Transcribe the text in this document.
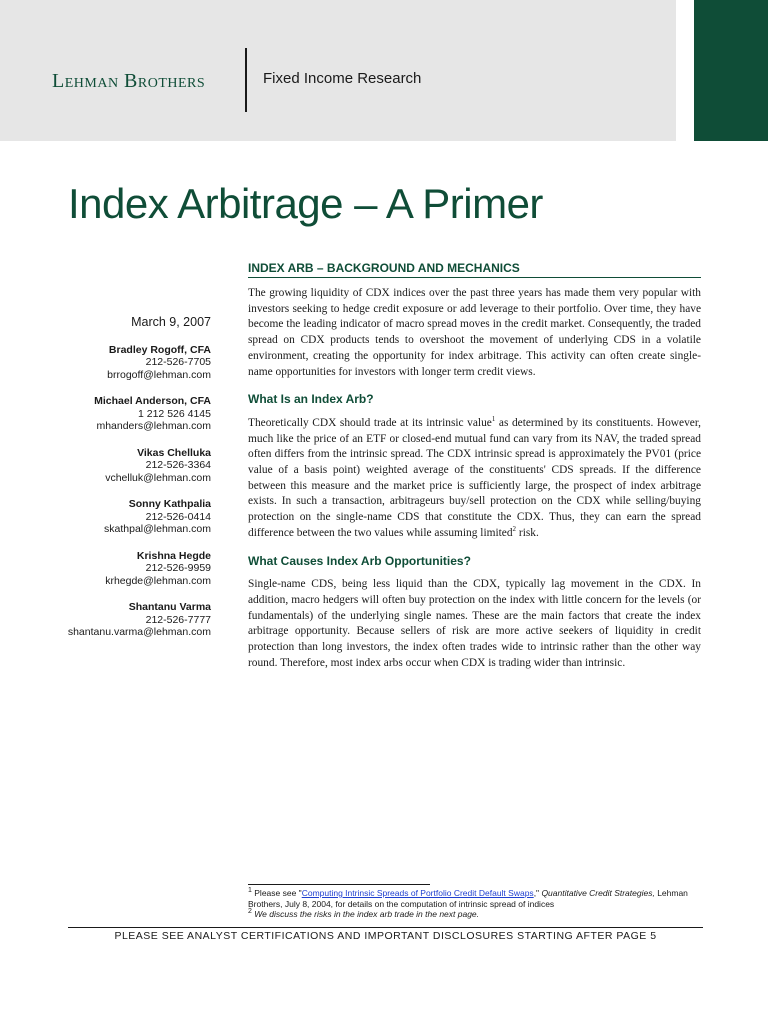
Lehman Brothers	Fixed Income Research
Index Arbitrage – A Primer
INDEX ARB – BACKGROUND AND MECHANICS
March 9, 2007
Bradley Rogoff, CFA
212-526-7705
brrogoff@lehman.com
Michael Anderson, CFA
1 212 526 4145
mhanders@lehman.com
Vikas Chelluka
212-526-3364
vchelluk@lehman.com
Sonny Kathpalia
212-526-0414
skathpal@lehman.com
Krishna Hegde
212-526-9959
krhegde@lehman.com
Shantanu Varma
212-526-7777
shantanu.varma@lehman.com

The growing liquidity of CDX indices over the past three years has made them very popular with investors seeking to hedge credit exposure or add leverage to their portfolio. Over time, they have become the leading indicator of macro spread moves in the credit market. Consequently, the traded spread on CDX products tends to overshoot the movement of underlying CDS in a volatile environment, creating the opportunity for index arbitrage. This activity can often create single-name opportunities for investors with longer term credit views.

What Is an Index Arb?

Theoretically CDX should trade at its intrinsic value$^1$ as determined by its constituents. However, much like the price of an ETF or closed-end mutual fund can vary from its NAV, the traded spread often differs from the intrinsic spread. The CDX intrinsic spread is approximately the PV01 (price value of a basis point) weighted average of the constituents' CDS spreads. If the difference between this measure and the market price is sufficiently large, the prospect of index arbitrage exists. In such a transaction, arbitrageurs buy/sell protection on the CDX while selling/buying protection on the single-name CDS that constitute the CDX. Thus, they can earn the spread difference between the two values while assuming limited$^2$ risk.

What Causes Index Arb Opportunities?

Single-name CDS, being less liquid than the CDX, typically lag movement in the CDX. In addition, macro hedgers will often buy protection on the index with little concern for the levels (or fundamentals) of the underlying single names. These are the main factors that create the index arbitrage opportunity. Because sellers of risk are more active seekers of liquidity in credit protection than long investors, the index often trades wide to intrinsic rather than the other way round. Therefore, most index arbs occur when CDX is trading wider than intrinsic.

$^1$ Please see "Computing Intrinsic Spreads of Portfolio Credit Default Swaps," Quantitative Credit Strategies, Lehman Brothers, July 8, 2004, for details on the computation of intrinsic spread of indices
$^2$ We discuss the risks in the index arb trade in the next page.
PLEASE SEE ANALYST CERTIFICATIONS AND IMPORTANT DISCLOSURES STARTING AFTER PAGE 5
